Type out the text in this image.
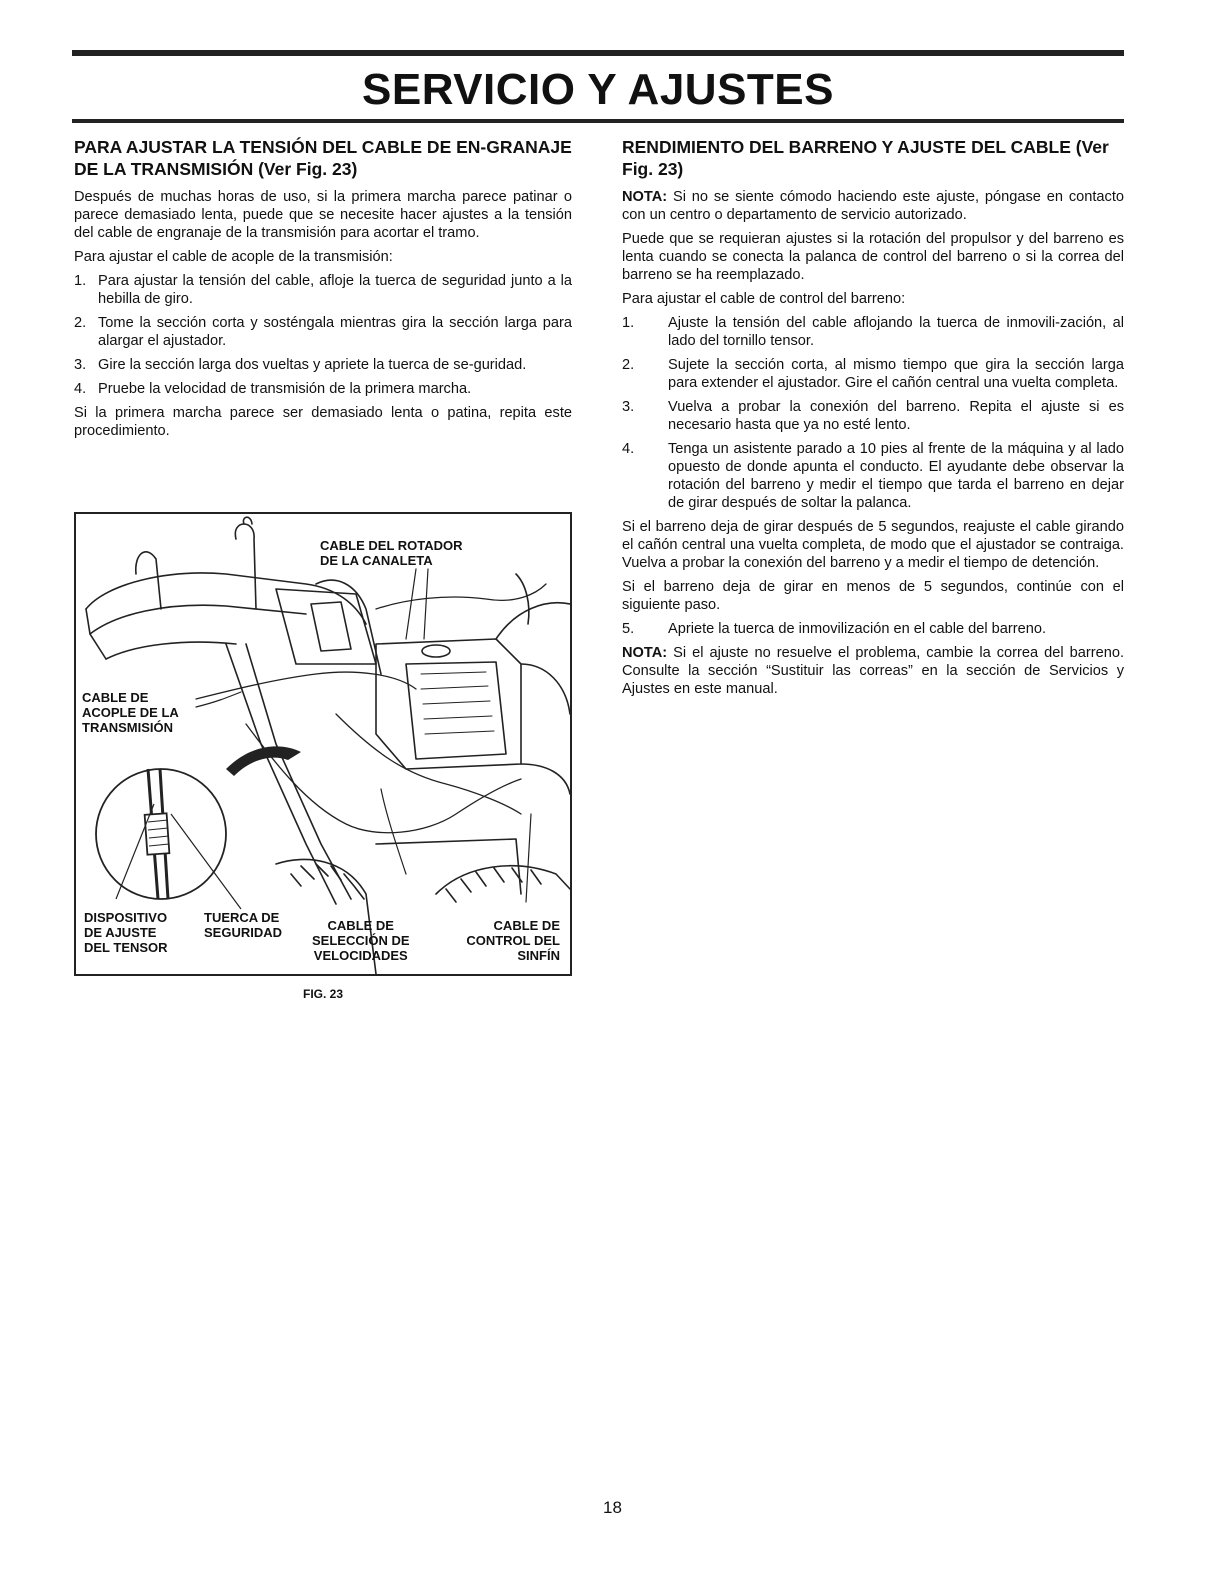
SERVICIO Y AJUSTES
PARA AJUSTAR LA TENSIÓN DEL CABLE DE EN-GRANAJE DE LA TRANSMISIÓN (Ver Fig. 23)

Después de muchas horas de uso, si la primera marcha parece patinar o parece demasiado lenta, puede que se necesite hacer ajustes a la tensión del cable de engranaje de la transmisión para acortar el tramo.

Para ajustar el cable de acople de la transmisión:

1. Para ajustar la tensión del cable, afloje la tuerca de seguridad junto a la hebilla de giro.
2. Tome la sección corta y sosténgala mientras gira la sección larga para alargar el ajustador.
3. Gire la sección larga dos vueltas y apriete la tuerca de se-guridad.
4. Pruebe la velocidad de transmisión de la primera marcha.

Si la primera marcha parece ser demasiado lenta o patina, repita este procedimiento.

CABLE DEL ROTADOR
DE LA CANALETA
CABLE DE
ACOPLE DE LA
TRANSMISIÓN
DISPOSITIVO
DE AJUSTE
DEL TENSOR
TUERCA DE
SEGURIDAD	CABLE DE
SELECCIÓN DE
VELOCIDADES
CABLE DE
CONTROL DEL
SINFÍN
FIG. 23
RENDIMIENTO DEL BARRENO Y AJUSTE DEL CABLE (Ver Fig. 23)

NOTA: Si no se siente cómodo haciendo este ajuste, póngase en contacto con un centro o departamento de servicio autorizado.

Puede que se requieran ajustes si la rotación del propulsor y del barreno es lenta cuando se conecta la palanca de control del barreno o si la correa del barreno se ha reemplazado.

Para ajustar el cable de control del barreno:

1. Ajuste la tensión del cable aflojando la tuerca de inmovili-zación, al lado del tornillo tensor.
2. Sujete la sección corta, al mismo tiempo que gira la sección larga para extender el ajustador. Gire el cañón central una vuelta completa.
3. Vuelva a probar la conexión del barreno. Repita el ajuste si es necesario hasta que ya no esté lento.
4. Tenga un asistente parado a 10 pies al frente de la máquina y al lado opuesto de donde apunta el conducto. El ayudante debe observar la rotación del barreno y medir el tiempo que tarda el barreno en dejar de girar después de soltar la palanca.

Si el barreno deja de girar después de 5 segundos, reajuste el cable girando el cañón central una vuelta completa, de modo que el ajustador se contraiga. Vuelva a probar la conexión del barreno y a medir el tiempo de detención.

Si el barreno deja de girar en menos de 5 segundos, continúe con el siguiente paso.

5. Apriete la tuerca de inmovilización en el cable del barreno.

NOTA: Si el ajuste no resuelve el problema, cambie la correa del barreno. Consulte la sección “Sustituir las correas” en la sección de Servicios y Ajustes en este manual.

18
